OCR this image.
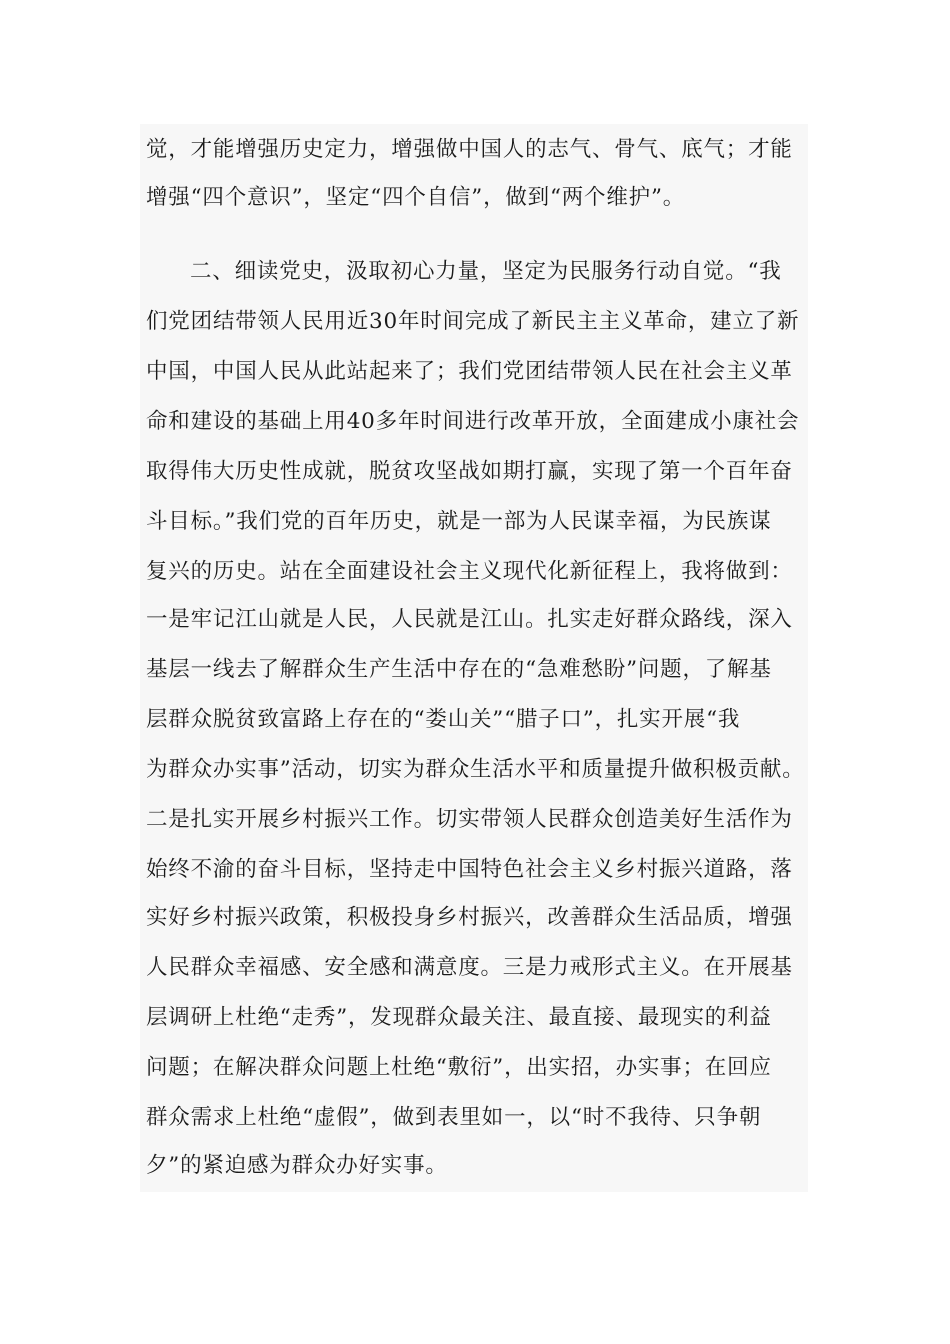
觉，才能增强历史定力，增强做中国人的志气、骨气、底气；才能

增强“四个意识”，坚定“四个自信”，做到“两个维护”。

二、细读党史，汲取初心力量，坚定为民服务行动自觉。“我

们党团结带领人民用近30年时间完成了新民主主义革命，建立了新

中国，中国人民从此站起来了；我们党团结带领人民在社会主义革

命和建设的基础上用40多年时间进行改革开放，全面建成小康社会

取得伟大历史性成就，脱贫攻坚战如期打赢，实现了第一个百年奋

斗目标。”我们党的百年历史，就是一部为人民谋幸福，为民族谋

复兴的历史。站在全面建设社会主义现代化新征程上，我将做到：

一是牢记江山就是人民，人民就是江山。扎实走好群众路线，深入

基层一线去了解群众生产生活中存在的“急难愁盼”问题，了解基

层群众脱贫致富路上存在的“娄山关”“腊子口”，扎实开展“我

为群众办实事”活动，切实为群众生活水平和质量提升做积极贡献。

二是扎实开展乡村振兴工作。切实带领人民群众创造美好生活作为

始终不渝的奋斗目标，坚持走中国特色社会主义乡村振兴道路，落

实好乡村振兴政策，积极投身乡村振兴，改善群众生活品质，增强

人民群众幸福感、安全感和满意度。三是力戒形式主义。在开展基

层调研上杜绝“走秀”，发现群众最关注、最直接、最现实的利益

问题；在解决群众问题上杜绝“敷衍”，出实招，办实事；在回应

群众需求上杜绝“虚假”，做到表里如一，以“时不我待、只争朝

夕”的紧迫感为群众办好实事。
